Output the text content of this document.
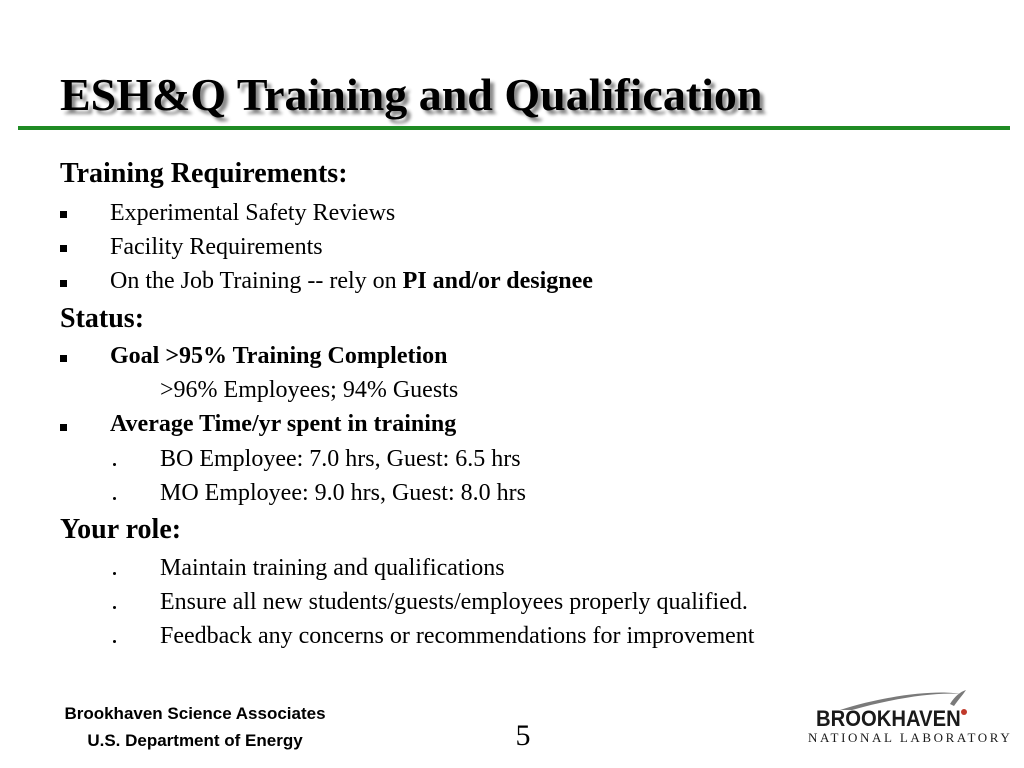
ESH&Q Training and Qualification
Training Requirements:
Experimental Safety Reviews
Facility Requirements
On the Job Training -- rely on PI and/or designee
Status:
Goal >95% Training Completion
>96% Employees; 94% Guests
Average Time/yr spent in training
BO Employee: 7.0 hrs, Guest: 6.5 hrs
MO Employee: 9.0 hrs, Guest: 8.0 hrs
Your role:
Maintain training and qualifications
Ensure all new students/guests/employees properly qualified.
Feedback any concerns or recommendations for improvement
Brookhaven Science Associates
U.S. Department of Energy	5
BROOKHAVEN
NATIONAL LABORATORY
